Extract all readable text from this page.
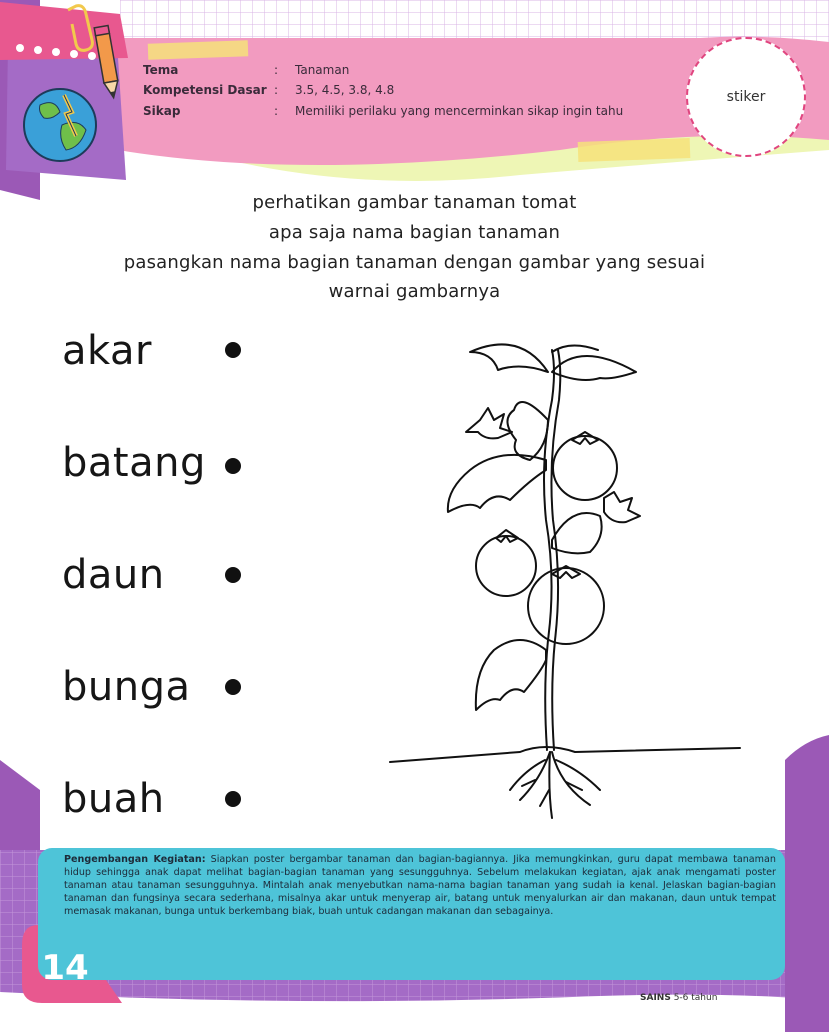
Tema	: Tanaman
Kompetensi Dasar : 3.5, 4.5, 3.8, 4.8
Sikap	: Memiliki perilaku yang mencerminkan sikap ingin tahu
stiker
perhatikan gambar tanaman tomat
apa saja nama bagian tanaman
pasangkan nama bagian tanaman dengan gambar yang sesuai
warnai gambarnya
akar
batang
daun
bunga
buah

Pengembangan Kegiatan: Siapkan poster bergambar tanaman dan bagian-bagiannya. Jika memungkinkan, guru dapat membawa tanaman hidup sehingga anak dapat melihat bagian-bagian tanaman yang sesungguhnya. Sebelum melakukan kegiatan, ajak anak mengamati poster tanaman atau tanaman sesungguhnya. Mintalah anak menyebutkan nama-nama bagian tanaman yang sudah ia kenal. Jelaskan bagian-bagian tanaman dan fungsinya secara sederhana, misalnya akar untuk menyerap air, batang untuk menyalurkan air dan makanan, daun untuk tempat memasak makanan, bunga untuk berkembang biak, buah untuk cadangan makanan dan sebagainya.

14
SAINS 5-6 tahun
